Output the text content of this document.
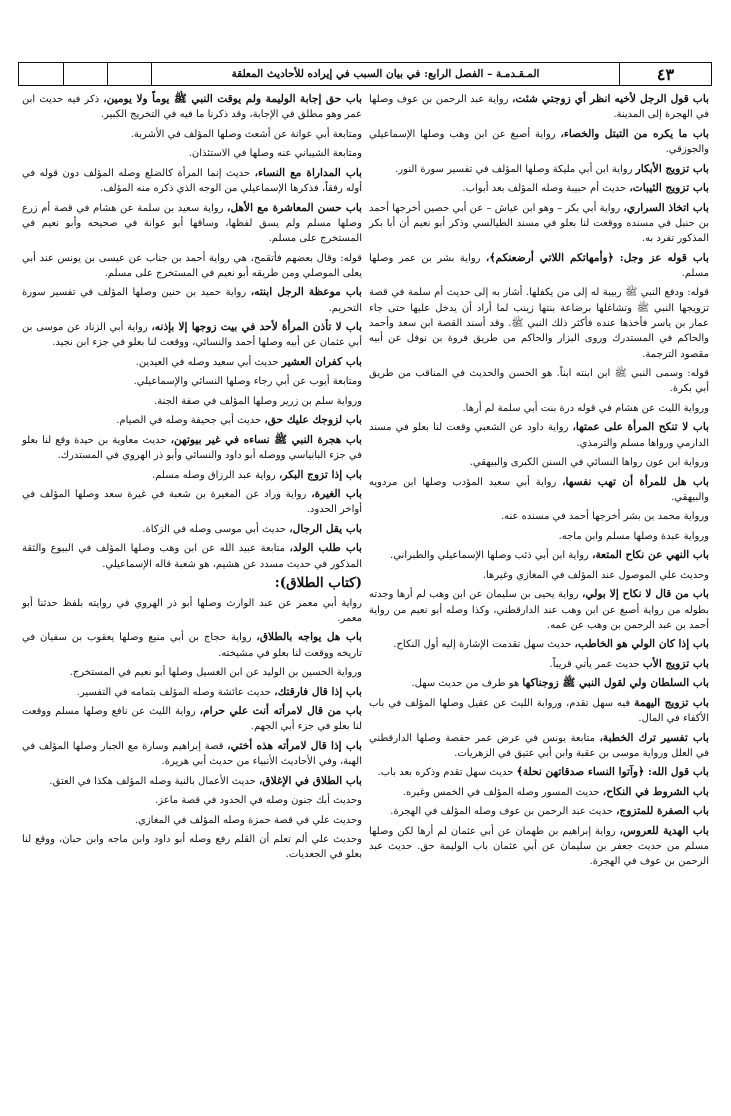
٤٣
المـقـدمـة – الفصل الرابع: في بيان السبب في إيراده للأحاديث المعلقة

باب قول الرجل لأخيه انظر أي زوجتي شئت، رواية عبد الرحمن بن عوف وصلها في الهجرة إلى المدينة.

باب ما يكره من التبتل والخصاء، رواية أصبغ عن ابن وهب وصلها الإسماعيلي والجوزقي.

باب تزويج الأبكار رواية ابن أبي مليكة وصلها المؤلف في تفسير سورة النور.

باب تزويج الثيبات، حديث أم حبيبة وصله المؤلف بعد أبواب.

باب اتخاذ السراري، رواية أبي بكر – وهو ابن عياش – عن أبي حصين أخرجها أحمد بن حنبل في مسنده ووقعت لنا بعلو في مسند الطيالسي وذكر أبو نعيم أن أبا بكر المذكور تفرد به.

باب قوله عز وجل: ﴿وأمهاتكم اللاتي أرضعنكم﴾، رواية بشر بن عمر وصلها مسلم.

قوله: ودفع النبي ﷺ ربيبة له إلى من يكفلها. أشار به إلى حديث أم سلمة في قصة تزويجها النبي ﷺ وتشاغلها برضاعة بنتها زينب لما أراد أن يدخل عليها حتى جاء عمار بن ياسر فأخذها عنده فأكثر ذلك النبي ﷺ. وقد أسند القصة ابن سعد وأحمد والحاكم في المستدرك وروى البزار والحاكم من طريق فروة بن نوفل عن أبيه مقصود الترجمة.

قوله: وسمى النبي ﷺ ابن ابنته ابناً. هو الحسن والحديث في المناقب من طريق أبي بكرة.

ورواية الليث عن هشام في قوله درة بنت أبي سلمة لم أرها.

باب لا تنكح المرأة على عمتها، رواية داود عن الشعبي وقعت لنا بعلو في مسند الدارمي ورواها مسلم والترمذي.

ورواية ابن عون رواها النسائي في السنن الكبرى والبيهقي.

باب هل للمرأة أن تهب نفسها، رواية أبي سعيد المؤدب وصلها ابن مردويه والبيهقي.

ورواية محمد بن بشر أخرجها أحمد في مسنده عنه.

ورواية عبدة وصلها مسلم وابن ماجه.

باب النهي عن نكاح المتعة، رواية ابن أبي ذئب وصلها الإسماعيلي والطبراني.

وحديث علي الموصول عند المؤلف في المغازي وغيرها.

باب من قال لا نكاح إلا بولي، رواية يحيى بن سليمان عن ابن وهب لم أرها وجدته بطوله من رواية أصبغ عن ابن وهب عند الدارقطني، وكذا وصله أبو نعيم من رواية أحمد بن عبد الرحمن بن وهب عن عمه.

باب إذا كان الولي هو الخاطب، حديث سهل تقدمت الإشارة إليه أول النكاح.

باب تزويج الأب حديث عمر يأتي قريباً.

باب السلطان ولي لقول النبي ﷺ زوجناكها هو طرف من حديث سهل.

باب تزويج اليهمة فيه سهل تقدم، ورواية الليث عن عقيل وصلها المؤلف في باب الأكفاء في المال.

باب تفسير ترك الخطبة، متابعة يونس في عرض عمر حفصة وصلها الدارقطني في العلل ورواية موسى بن عقبة وابن أبي عتيق في الزهريات.

باب قول الله: ﴿وآتوا النساء صدقاتهن نحلة﴾ حديث سهل تقدم وذكره بعد باب.

باب الشروط في النكاح، حديث المسور وصله المؤلف في الخمس وغيره.

باب الصفرة للمتزوج، حديث عبد الرحمن بن عوف وصله المؤلف في الهجرة.

باب الهدية للعروس، رواية إبراهيم بن طهمان عن أبي عثمان لم أرها لكن وصلها مسلم من حديث جعفر بن سليمان عن أبي عثمان باب الوليمة حق. حديث عبد الرحمن بن عوف في الهجرة.

باب حق إجابة الوليمة ولم يوقت النبي ﷺ يوماً ولا يومين، ذكر فيه حديث ابن عمر وهو مطلق في الإجابة، وقد ذكرنا ما فيه في التخريج الكبير.

ومتابعة أبي عوانة عن أشعث وصلها المؤلف في الأشربة.

ومتابعة الشيباني عنه وصلها في الاستئذان.

باب المداراة مع النساء، حديث إنما المرأة كالضلع وصله المؤلف دون قوله في أوله رفقاً، فذكرها الإسماعيلي من الوجه الذي ذكره منه المؤلف.

باب حسن المعاشرة مع الأهل، رواية سعيد بن سلمة عن هشام في قصة أم زرع وصلها مسلم ولم يسق لفظها، وساقها أبو عوانة في صحيحه وأبو نعيم في المستخرج على مسلم.

قوله: وقال بعضهم فأتقمح، هي رواية أحمد بن جناب عن عيسى بن يونس عند أبي يعلى الموصلي ومن طريقه أبو نعيم في المستخرج على مسلم.

باب موعظة الرجل ابنته، رواية حميد بن حنين وصلها المؤلف في تفسير سورة التحريم.

باب لا تأذن المرأة لأحد في بيت زوجها إلا بإذنه، رواية أبي الزناد عن موسى بن أبي عثمان عن أبيه وصلها أحمد والنسائي، ووقعت لنا بعلو في جزء ابن نجيد.

باب كفران العشير حديث أبي سعيد وصله في العيدين.

ومتابعة أيوب عن أبي رجاء وصلها النسائي والإسماعيلي.

ورواية سلم بن زرير وصلها المؤلف في صفة الجنة.

باب لزوجك عليك حق، حديث أبي جحيفة وصله في الصيام.

باب هجرة النبي ﷺ نساءه في غير بيوتهن، حديث معاوية بن حيدة وقع لنا بعلو في جزء البانياسي ووصله أبو داود والنسائي وأبو ذر الهروي في المستدرك.

باب إذا تزوج البكر، رواية عبد الرزاق وصله مسلم.

باب الغيرة، رواية وراد عن المغيرة بن شعبة في غيرة سعد وصلها المؤلف في أواخر الحدود.

باب يقل الرجال، حديث أبي موسى وصله في الزكاة.

باب طلب الولد، متابعة عبيد الله عن ابن وهب وصلها المؤلف في البيوع والثقة المذكور في حديث مسدد عن هشيم، هو شعبة قاله الإسماعيلي.

(كتاب الطلاق):

رواية أبي معمر عن عبد الوارث وصلها أبو ذر الهروي في روايته بلفظ حدثنا أبو معمر.

باب هل يواجه بالطلاق، رواية حجاج بن أبي منيع وصلها يعقوب بن سفيان في تاريخه ووقعت لنا بعلو في مشيخته.

ورواية الحسين بن الوليد عن ابن الغسيل وصلها أبو نعيم في المستخرج.

باب إذا قال فارقتك، حديث عائشة وصله المؤلف بتمامه في التفسير.

باب من قال لامرأته أنت علي حرام، رواية الليث عن نافع وصلها مسلم ووقعت لنا بعلو في جزء أبي الجهم.

باب إذا قال لامرأته هذه أختي، قصة إبراهيم وسارة مع الجبار وصلها المؤلف في الهبة، وفي الأحاديث الأنبياء من حديث أبي هريرة.

باب الطلاق في الإغلاق، حديث الأعمال بالنية وصله المؤلف هكذا في العتق.

وحديث أبك جنون وصله في الحدود في قصة ماعز.

وحديث علي في قصة حمزة وصله المؤلف في المغازي.

وحديث علي ألم تعلم أن القلم رفع وصله أبو داود وابن ماجه وابن حبان، ووقع لنا بعلو في الجعديات.
